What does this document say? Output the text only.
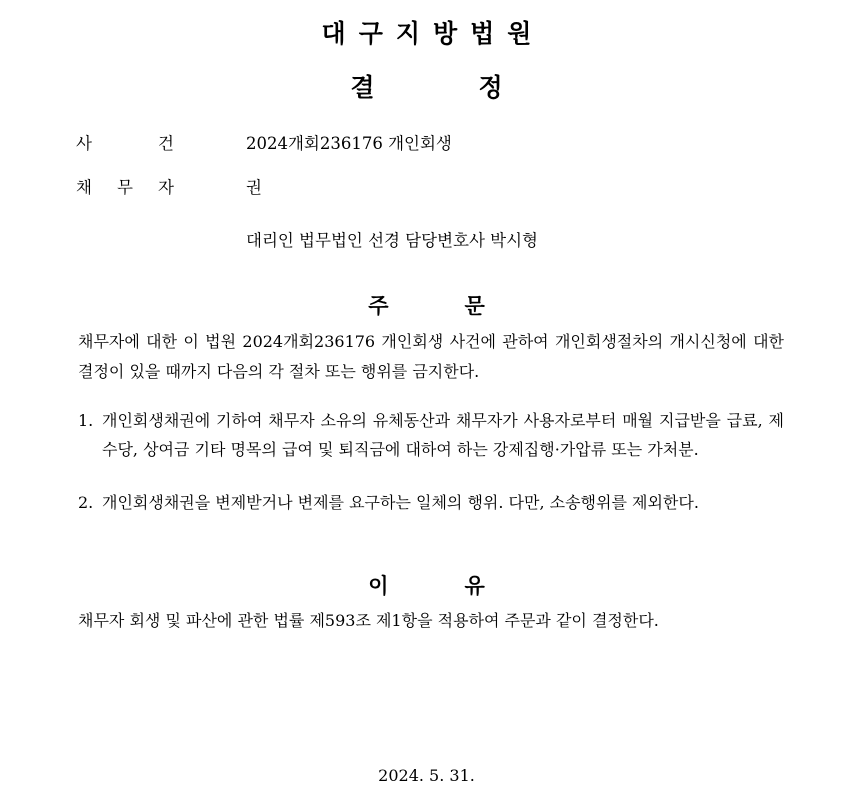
대구지방법원
결	정
사	건	2024개회236176 개인회생
채 무 자	권
대리인 법무법인 선경 담당변호사 박시형
주	문
채무자에 대한 이 법원 2024개회236176 개인회생 사건에 관하여 개인회생절차의 개시신청에 대한 결정이 있을 때까지 다음의 각 절차 또는 행위를 금지한다.
1. 개인회생채권에 기하여 채무자 소유의 유체동산과 채무자가 사용자로부터 매월 지급받을 급료, 제수당, 상여금 기타 명목의 급여 및 퇴직금에 대하여 하는 강제집행·가압류 또는 가처분.
2. 개인회생채권을 변제받거나 변제를 요구하는 일체의 행위. 다만, 소송행위를 제외한다.
이	유
채무자 회생 및 파산에 관한 법률 제593조 제1항을 적용하여 주문과 같이 결정한다.
2024. 5. 31.
